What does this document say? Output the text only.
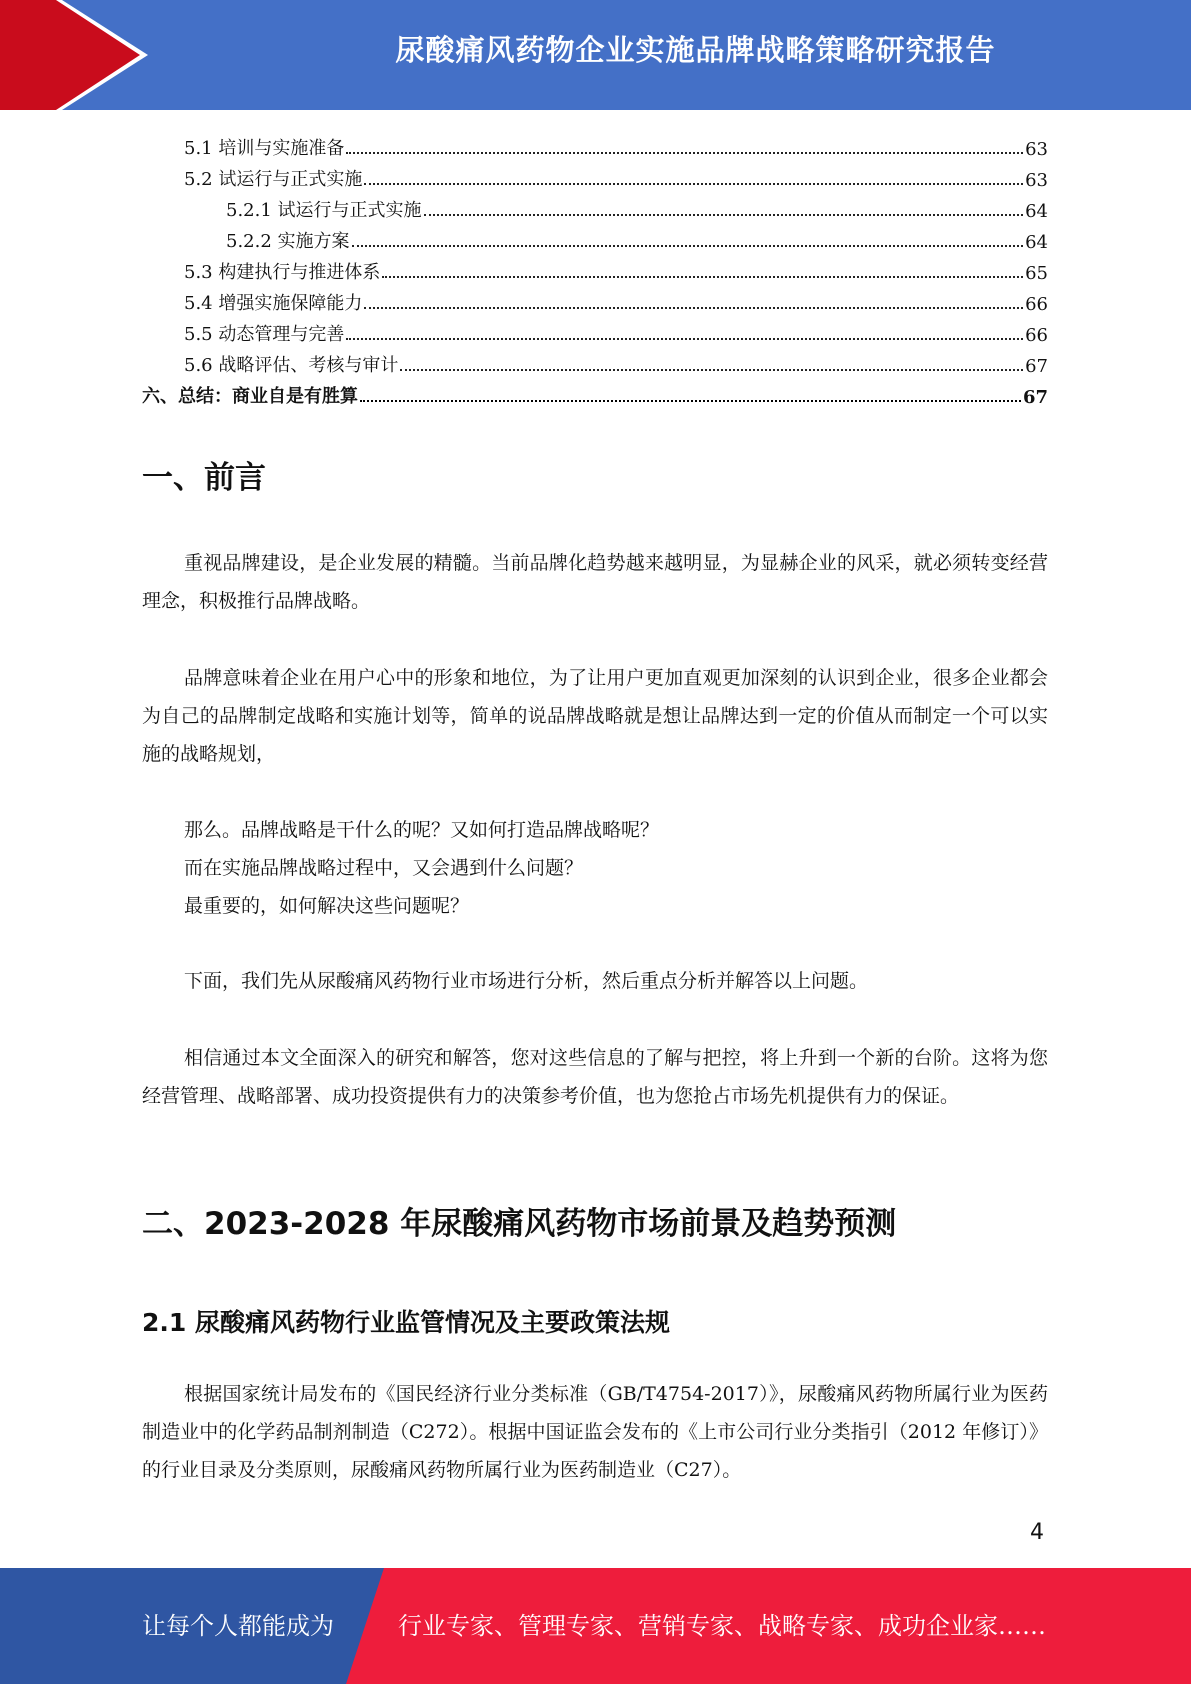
尿酸痛风药物企业实施品牌战略策略研究报告
5.1 培训与实施准备	63
5.2 试运行与正式实施	63
5.2.1 试运行与正式实施	64
5.2.2 实施方案	64
5.3 构建执行与推进体系	65
5.4 增强实施保障能力	66
5.5 动态管理与完善	66
5.6 战略评估、考核与审计	67
六、总结：商业自是有胜算	67
一、前言
重视品牌建设，是企业发展的精髓。当前品牌化趋势越来越明显，为显赫企业的风采，就必须转变经营理念，积极推行品牌战略。
品牌意味着企业在用户心中的形象和地位，为了让用户更加直观更加深刻的认识到企业，很多企业都会为自己的品牌制定战略和实施计划等，简单的说品牌战略就是想让品牌达到一定的价值从而制定一个可以实施的战略规划，
那么。品牌战略是干什么的呢？又如何打造品牌战略呢？
而在实施品牌战略过程中，又会遇到什么问题？
最重要的，如何解决这些问题呢？
下面，我们先从尿酸痛风药物行业市场进行分析，然后重点分析并解答以上问题。
相信通过本文全面深入的研究和解答，您对这些信息的了解与把控，将上升到一个新的台阶。这将为您经营管理、战略部署、成功投资提供有力的决策参考价值，也为您抢占市场先机提供有力的保证。
二、2023-2028 年尿酸痛风药物市场前景及趋势预测
2.1 尿酸痛风药物行业监管情况及主要政策法规
根据国家统计局发布的《国民经济行业分类标准（GB/T4754-2017）》，尿酸痛风药物所属行业为医药制造业中的化学药品制剂制造（C272）。根据中国证监会发布的《上市公司行业分类指引（2012 年修订）》的行业目录及分类原则，尿酸痛风药物所属行业为医药制造业（C27）。
4
让每个人都能成为	行业专家、管理专家、营销专家、战略专家、成功企业家……
